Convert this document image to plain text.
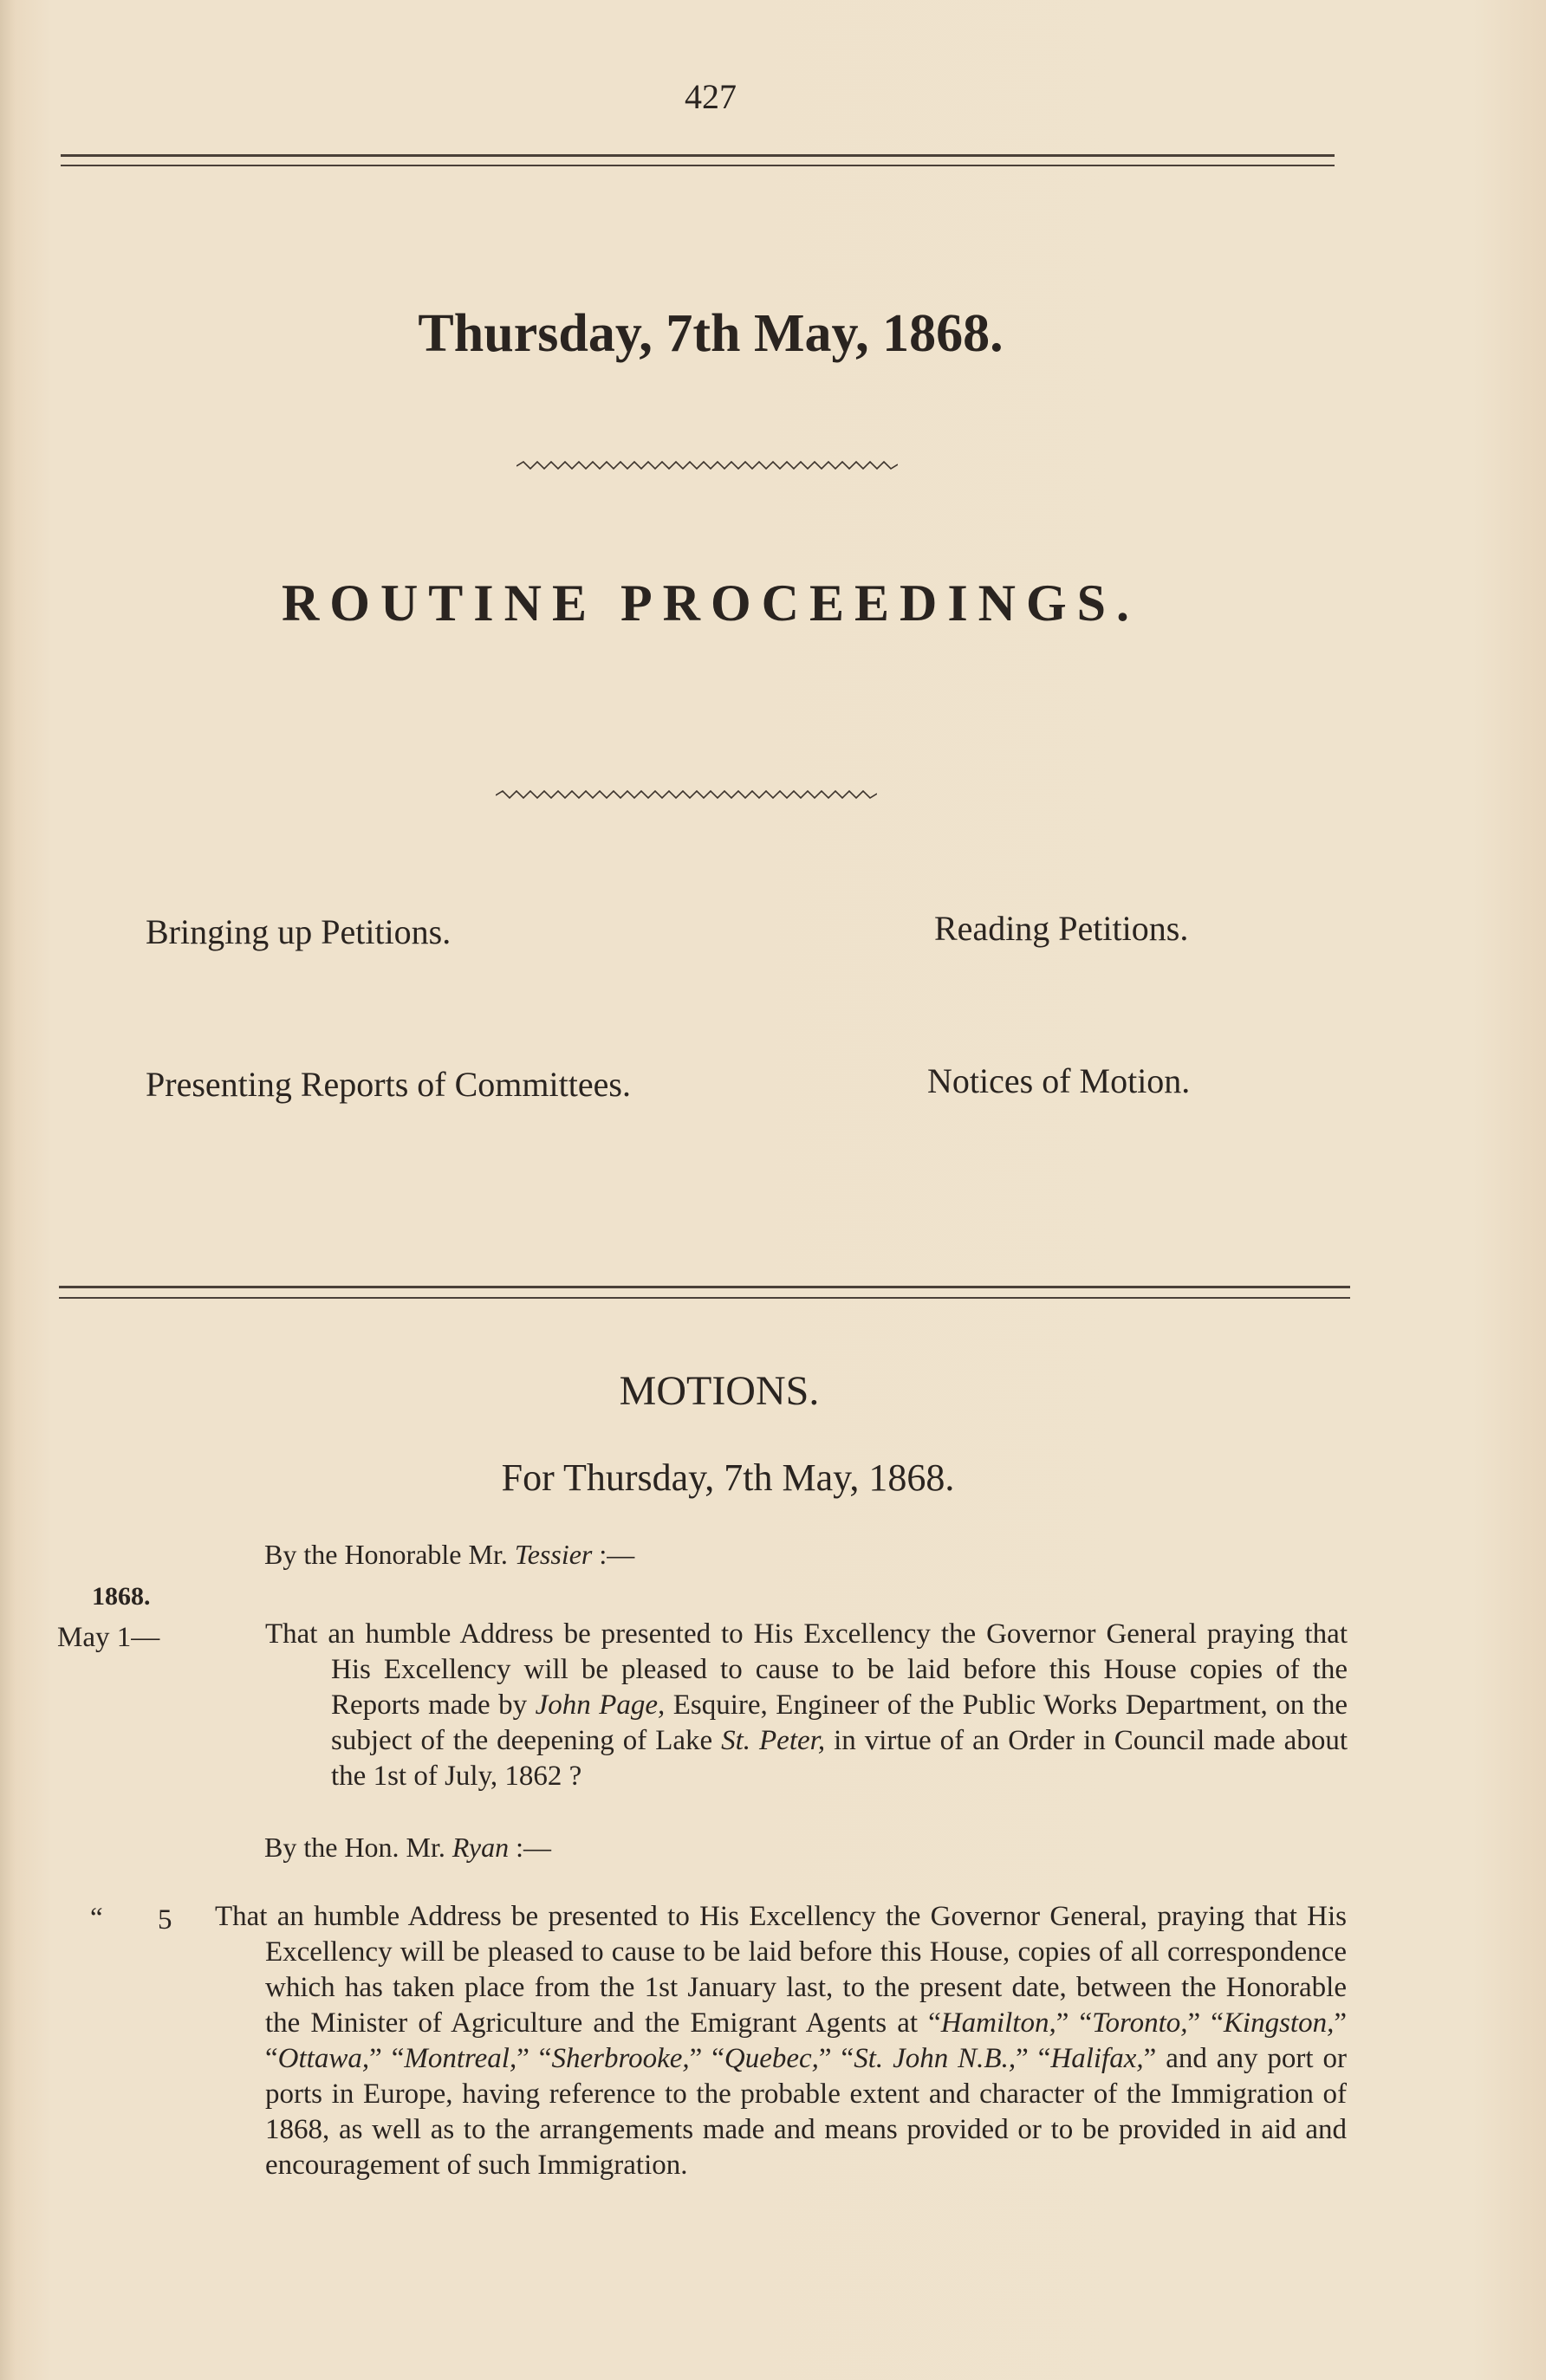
427
Thursday, 7th May, 1868.
ROUTINE PROCEEDINGS.
Bringing up Petitions.	Reading Petitions.
Presenting Reports of Committees.	Notices of Motion.
MOTIONS.
For Thursday, 7th May, 1868.
By the Honorable Mr. Tessier :—
1868.
May 1—	That an humble Address be presented to His Excellency the Governor General praying that His Excellency will be pleased to cause to be laid before this House copies of the Reports made by John Page, Esquire, Engineer of the Public Works Department, on the subject of the deepening of Lake St. Peter, in virtue of an Order in Council made about the 1st of July, 1862 ?

By the Hon. Mr. Ryan :—
“ 5 That an humble Address be presented to His Excellency the Governor General, praying that His Excellency will be pleased to cause to be laid before this House, copies of all correspondence which has taken place from the 1st January last, to the present date, between the Honorable the Minister of Agriculture and the Emigrant Agents at “Hamilton,” “Toronto,” “Kingston,” “Ottawa,” “Montreal,” “Sherbrooke,” “Quebec,” “St. John N.B.,” “Halifax,” and any port or ports in Europe, having reference to the probable extent and character of the Immigration of 1868, as well as to the arrangements made and means provided or to be provided in aid and encouragement of such Immigration.
